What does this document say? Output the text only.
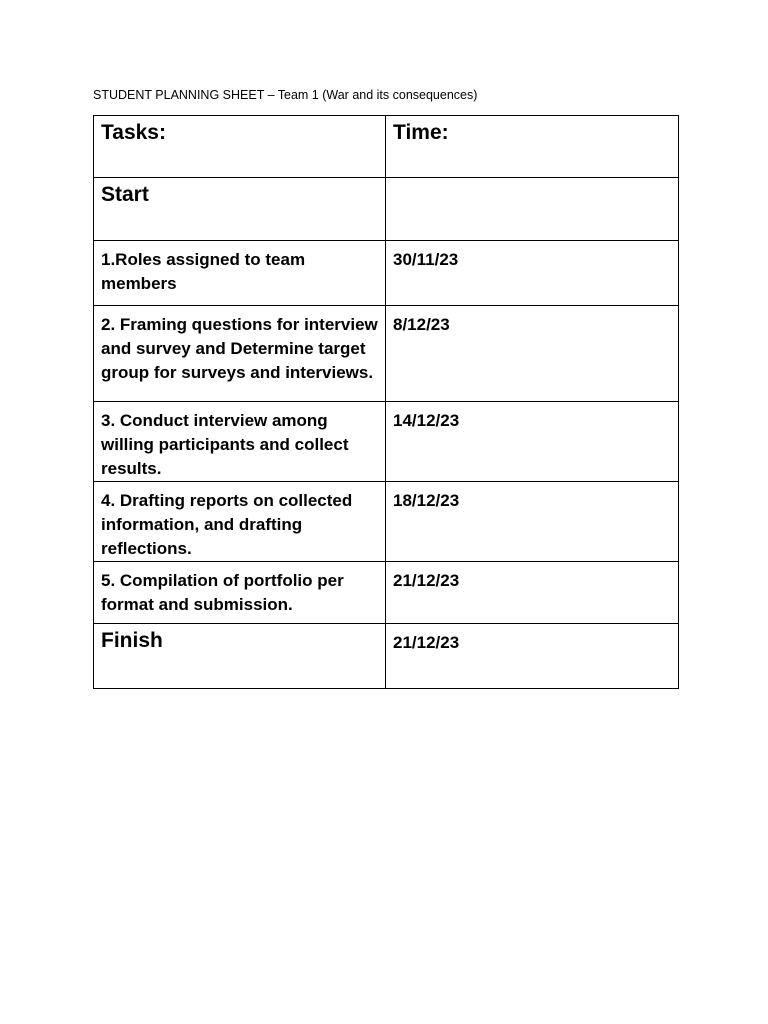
STUDENT PLANNING SHEET – Team 1 (War and its consequences)
Tasks:	Time:
Start	
1.Roles assigned to team members	30/11/23
2. Framing questions for interview and survey and Determine target group for surveys and interviews.	8/12/23
3. Conduct interview among willing participants and collect results.	14/12/23
4. Drafting reports on collected information, and drafting reflections.	18/12/23
5. Compilation of portfolio per format and submission.	21/12/23
Finish	21/12/23
